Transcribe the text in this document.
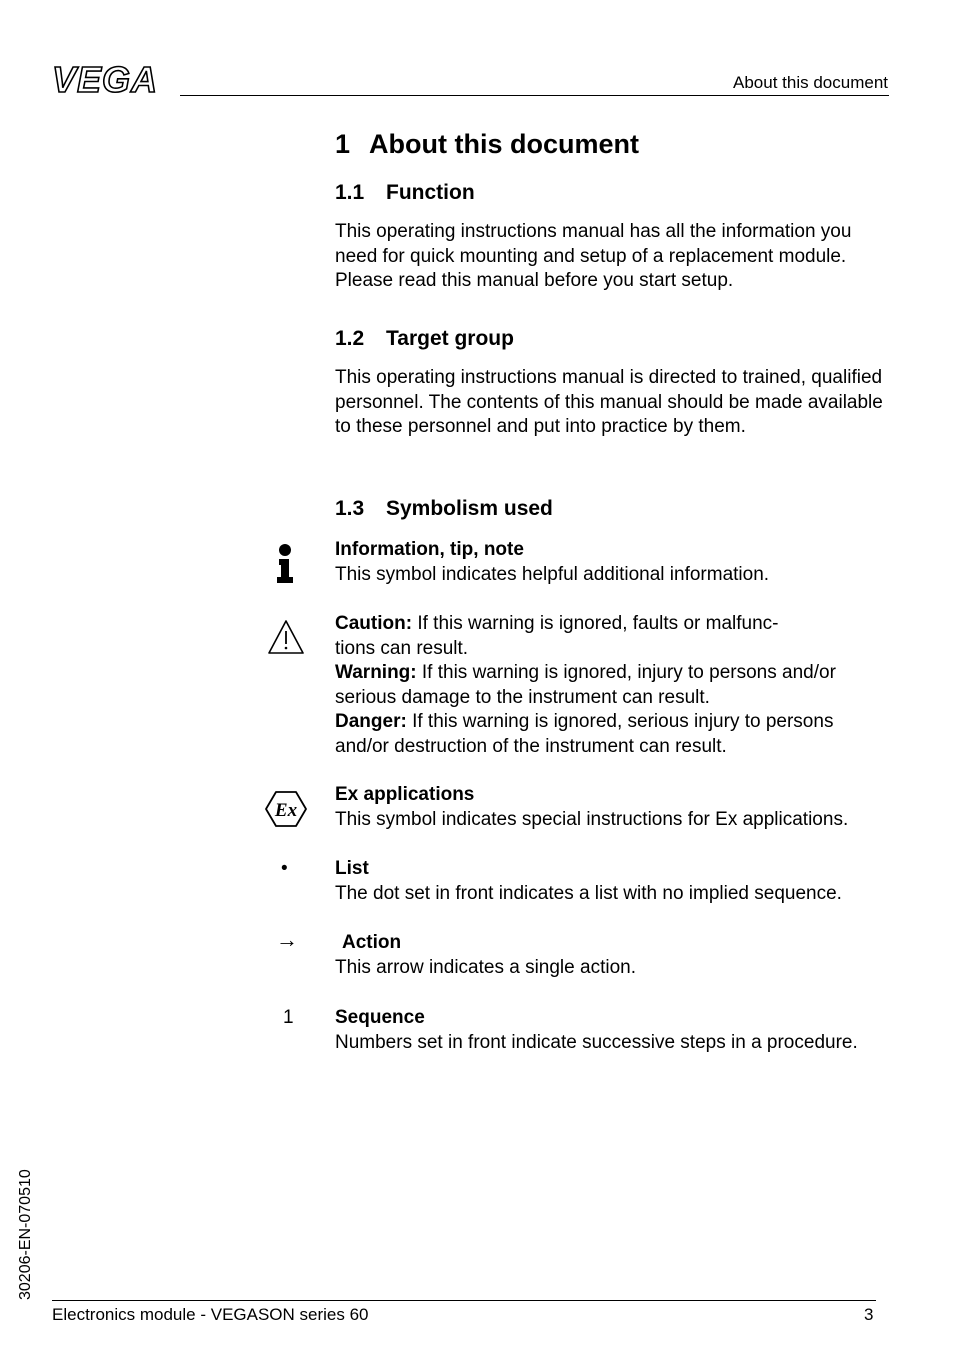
VEGA	About this document
1 About this document
1.1 Function

This operating instructions manual has all the information you need for quick mounting and setup of a replacement module. Please read this manual before you start setup.

1.2 Target group

This operating instructions manual is directed to trained, qualified personnel. The contents of this manual should be made available to these personnel and put into practice by them.

1.3 Symbolism used
Information, tip, note
This symbol indicates helpful additional information.
Caution: If this warning is ignored, faults or malfunc-
tions can result.
Warning: If this warning is ignored, injury to persons and/or
serious damage to the instrument can result.
Danger: If this warning is ignored, serious injury to persons
and/or destruction of the instrument can result.
Ex
Ex applications
This symbol indicates special instructions for Ex applications.
• List
The dot set in front indicates a list with no implied sequence.
→	Action
This arrow indicates a single action.
1 Sequence
Numbers set in front indicate successive steps in a procedure.
30206-EN-070510
Electronics module - VEGASON series 60	3
